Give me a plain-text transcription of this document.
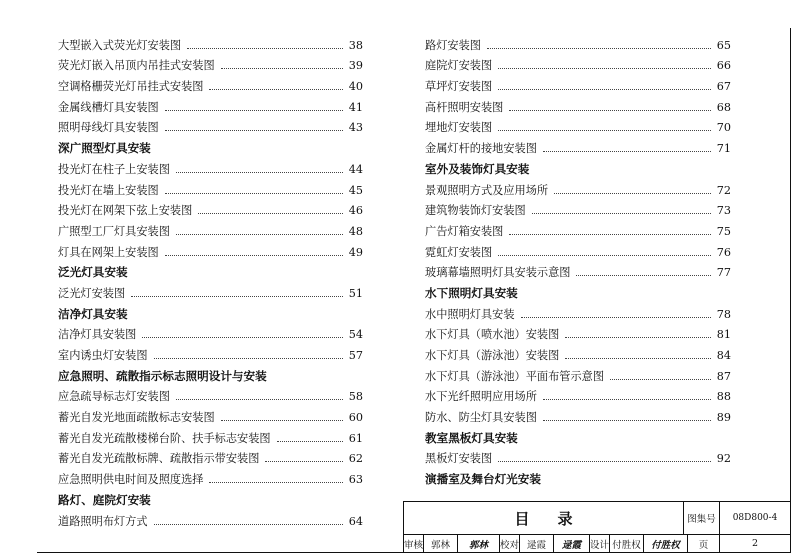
大型嵌入式荧光灯安装图	38
荧光灯嵌入吊顶内吊挂式安装图	39
空调格栅荧光灯吊挂式安装图	40
金属线槽灯具安装图	41
照明母线灯具安装图	43
深广照型灯具安装
投光灯在柱子上安装图	44
投光灯在墙上安装图	45
投光灯在网架下弦上安装图	46
广照型工厂灯具安装图	48
灯具在网架上安装图	49
泛光灯具安装
泛光灯安装图	51
洁净灯具安装
洁净灯具安装图	54
室内诱虫灯安装图	57
应急照明、疏散指示标志照明设计与安装
应急疏导标志灯安装图	58
蓄光自发光地面疏散标志安装图	60
蓄光自发光疏散楼梯台阶、扶手标志安装图	61
蓄光自发光疏散标牌、疏散指示带安装图	62
应急照明供电时间及照度选择	63
路灯、庭院灯安装
道路照明布灯方式	64
路灯安装图	65
庭院灯安装图	66
草坪灯安装图	67
高杆照明安装图	68
埋地灯安装图	70
金属灯杆的接地安装图	71
室外及装饰灯具安装
景观照明方式及应用场所	72
建筑物装饰灯安装图	73
广告灯箱安装图	75
霓虹灯安装图	76
玻璃幕墙照明灯具安装示意图	77
水下照明灯具安装
水中照明灯具安装	78
水下灯具（喷水池）安装图	81
水下灯具（游泳池）安装图	84
水下灯具（游泳池）平面布管示意图	87
水下光纤照明应用场所	88
防水、防尘灯具安装图	89
教室黑板灯具安装
黑板灯安装图	92
演播室及舞台灯光安装
目录	图集号	08D800-4
审核 郭林	郭林	校对 逯霞	逯霞 设计 付胜权	付胜权	页	2
